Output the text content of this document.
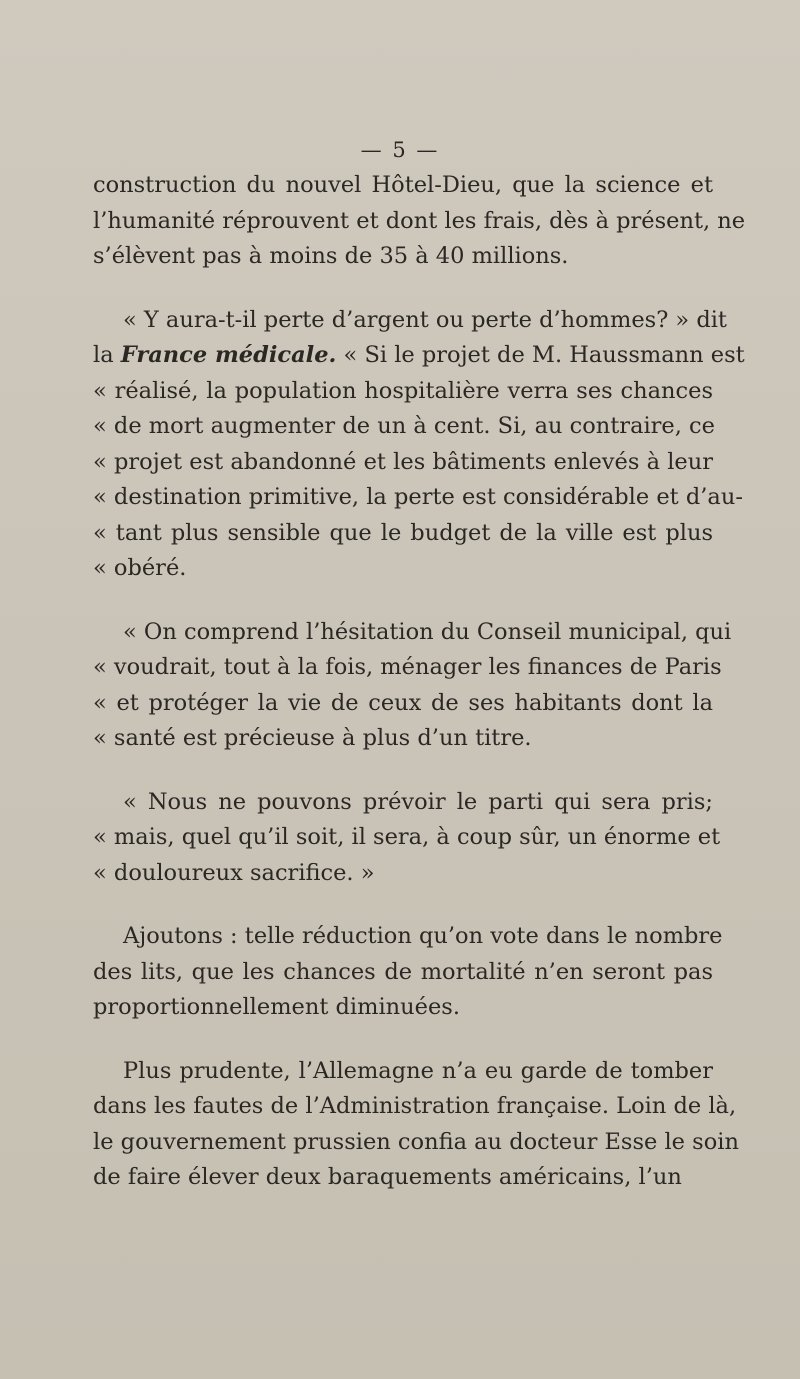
— 5 —
construction du nouvel Hôtel-Dieu, que la science et
l’humanité réprouvent et dont les frais, dès à présent, ne
s’élèvent pas à moins de 35 à 40 millions.
« Y aura-t-il perte d’argent ou perte d’hommes? » dit
la France médicale. « Si le projet de M. Haussmann est
« réalisé, la population hospitalière verra ses chances
« de mort augmenter de un à cent. Si, au contraire, ce
« projet est abandonné et les bâtiments enlevés à leur
« destination primitive, la perte est considérable et d’au-
« tant plus sensible que le budget de la ville est plus
« obéré.
« On comprend l’hésitation du Conseil municipal, qui
« voudrait, tout à la fois, ménager les finances de Paris
« et protéger la vie de ceux de ses habitants dont la
« santé est précieuse à plus d’un titre.
« Nous ne pouvons prévoir le parti qui sera pris;
« mais, quel qu’il soit, il sera, à coup sûr, un énorme et
« douloureux sacrifice. »
Ajoutons : telle réduction qu’on vote dans le nombre
des lits, que les chances de mortalité n’en seront pas
proportionnellement diminuées.
Plus prudente, l’Allemagne n’a eu garde de tomber
dans les fautes de l’Administration française. Loin de là,
le gouvernement prussien confia au docteur Esse le soin
de faire élever deux baraquements américains, l’un
